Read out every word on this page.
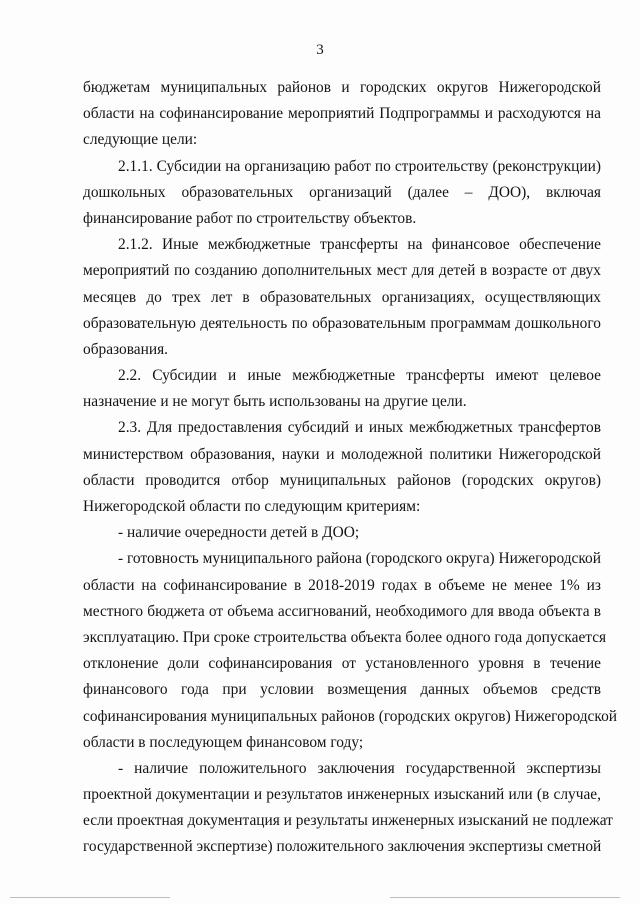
3
бюджетам муниципальных районов и городских округов Нижегородской
области на софинансирование мероприятий Подпрограммы и расходуются на
следующие цели:
2.1.1. Субсидии на организацию работ по строительству (реконструкции)
дошкольных образовательных организаций (далее – ДОО), включая
финансирование работ по строительству объектов.
2.1.2. Иные межбюджетные трансферты на финансовое обеспечение
мероприятий по созданию дополнительных мест для детей в возрасте от двух
месяцев до трех лет в образовательных организациях, осуществляющих
образовательную деятельность по образовательным программам дошкольного
образования.
2.2. Субсидии и иные межбюджетные трансферты имеют целевое
назначение и не могут быть использованы на другие цели.
2.3. Для предоставления субсидий и иных межбюджетных трансфертов
министерством образования, науки и молодежной политики Нижегородской
области проводится отбор муниципальных районов (городских округов)
Нижегородской области по следующим критериям:
- наличие очередности детей в ДОО;
- готовность муниципального района (городского округа) Нижегородской
области на софинансирование в 2018-2019 годах в объеме не менее 1% из
местного бюджета от объема ассигнований, необходимого для ввода объекта в
эксплуатацию. При сроке строительства объекта более одного года допускается
отклонение доли софинансирования от установленного уровня в течение
финансового года при условии возмещения данных объемов средств
софинансирования муниципальных районов (городских округов) Нижегородской
области в последующем финансовом году;
- наличие положительного заключения государственной экспертизы
проектной документации и результатов инженерных изысканий или (в случае,
если проектная документация и результаты инженерных изысканий не подлежат
государственной экспертизе) положительного заключения экспертизы сметной
